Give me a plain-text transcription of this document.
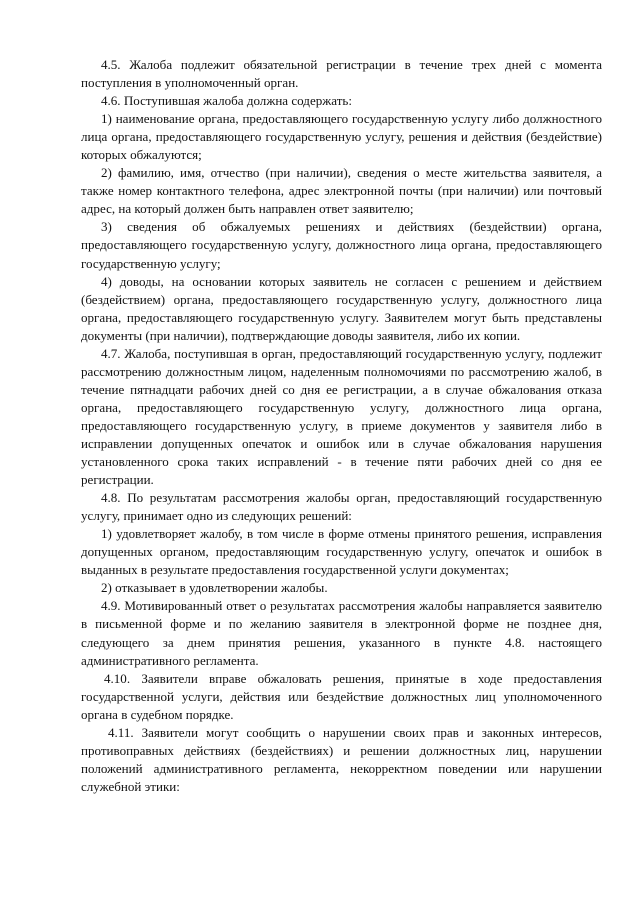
4.5. Жалоба подлежит обязательной регистрации в течение трех дней с момента поступления в уполномоченный орган.

4.6. Поступившая жалоба должна содержать:

1) наименование органа, предоставляющего государственную услугу либо должностного лица органа, предоставляющего государственную услугу, решения и действия (бездействие) которых обжалуются;

2) фамилию, имя, отчество (при наличии), сведения о месте жительства заявителя, а также номер контактного телефона, адрес электронной почты (при наличии) или почтовый адрес, на который должен быть направлен ответ заявителю;

3) сведения об обжалуемых решениях и действиях (бездействии) органа, предоставляющего государственную услугу, должностного лица органа, предоставляющего государственную услугу;

4) доводы, на основании которых заявитель не согласен с решением и действием (бездействием) органа, предоставляющего государственную услугу, должностного лица органа, предоставляющего государственную услугу. Заявителем могут быть представлены документы (при наличии), подтверждающие доводы заявителя, либо их копии.

4.7. Жалоба, поступившая в орган, предоставляющий государственную услугу, подлежит рассмотрению должностным лицом, наделенным полномочиями по рассмотрению жалоб, в течение пятнадцати рабочих дней со дня ее регистрации, а в случае обжалования отказа органа, предоставляющего государственную услугу, должностного лица органа, предоставляющего государственную услугу, в приеме документов у заявителя либо в исправлении допущенных опечаток и ошибок или в случае обжалования нарушения установленного срока таких исправлений - в течение пяти рабочих дней со дня ее регистрации.

4.8. По результатам рассмотрения жалобы орган, предоставляющий государственную услугу, принимает одно из следующих решений:

1) удовлетворяет жалобу, в том числе в форме отмены принятого решения, исправления допущенных органом, предоставляющим государственную услугу, опечаток и ошибок в выданных в результате предоставления государственной услуги документах;

2) отказывает в удовлетворении жалобы.

4.9. Мотивированный ответ о результатах рассмотрения жалобы направляется заявителю в письменной форме и по желанию заявителя в электронной форме не позднее дня, следующего за днем принятия решения, указанного в пункте 4.8. настоящего административного регламента.

4.10. Заявители вправе обжаловать решения, принятые в ходе предоставления государственной услуги, действия или бездействие должностных лиц уполномоченного органа в судебном порядке.

4.11. Заявители могут сообщить о нарушении своих прав и законных интересов, противоправных действиях (бездействиях) и решении должностных лиц, нарушении положений административного регламента, некорректном поведении или нарушении служебной этики:
